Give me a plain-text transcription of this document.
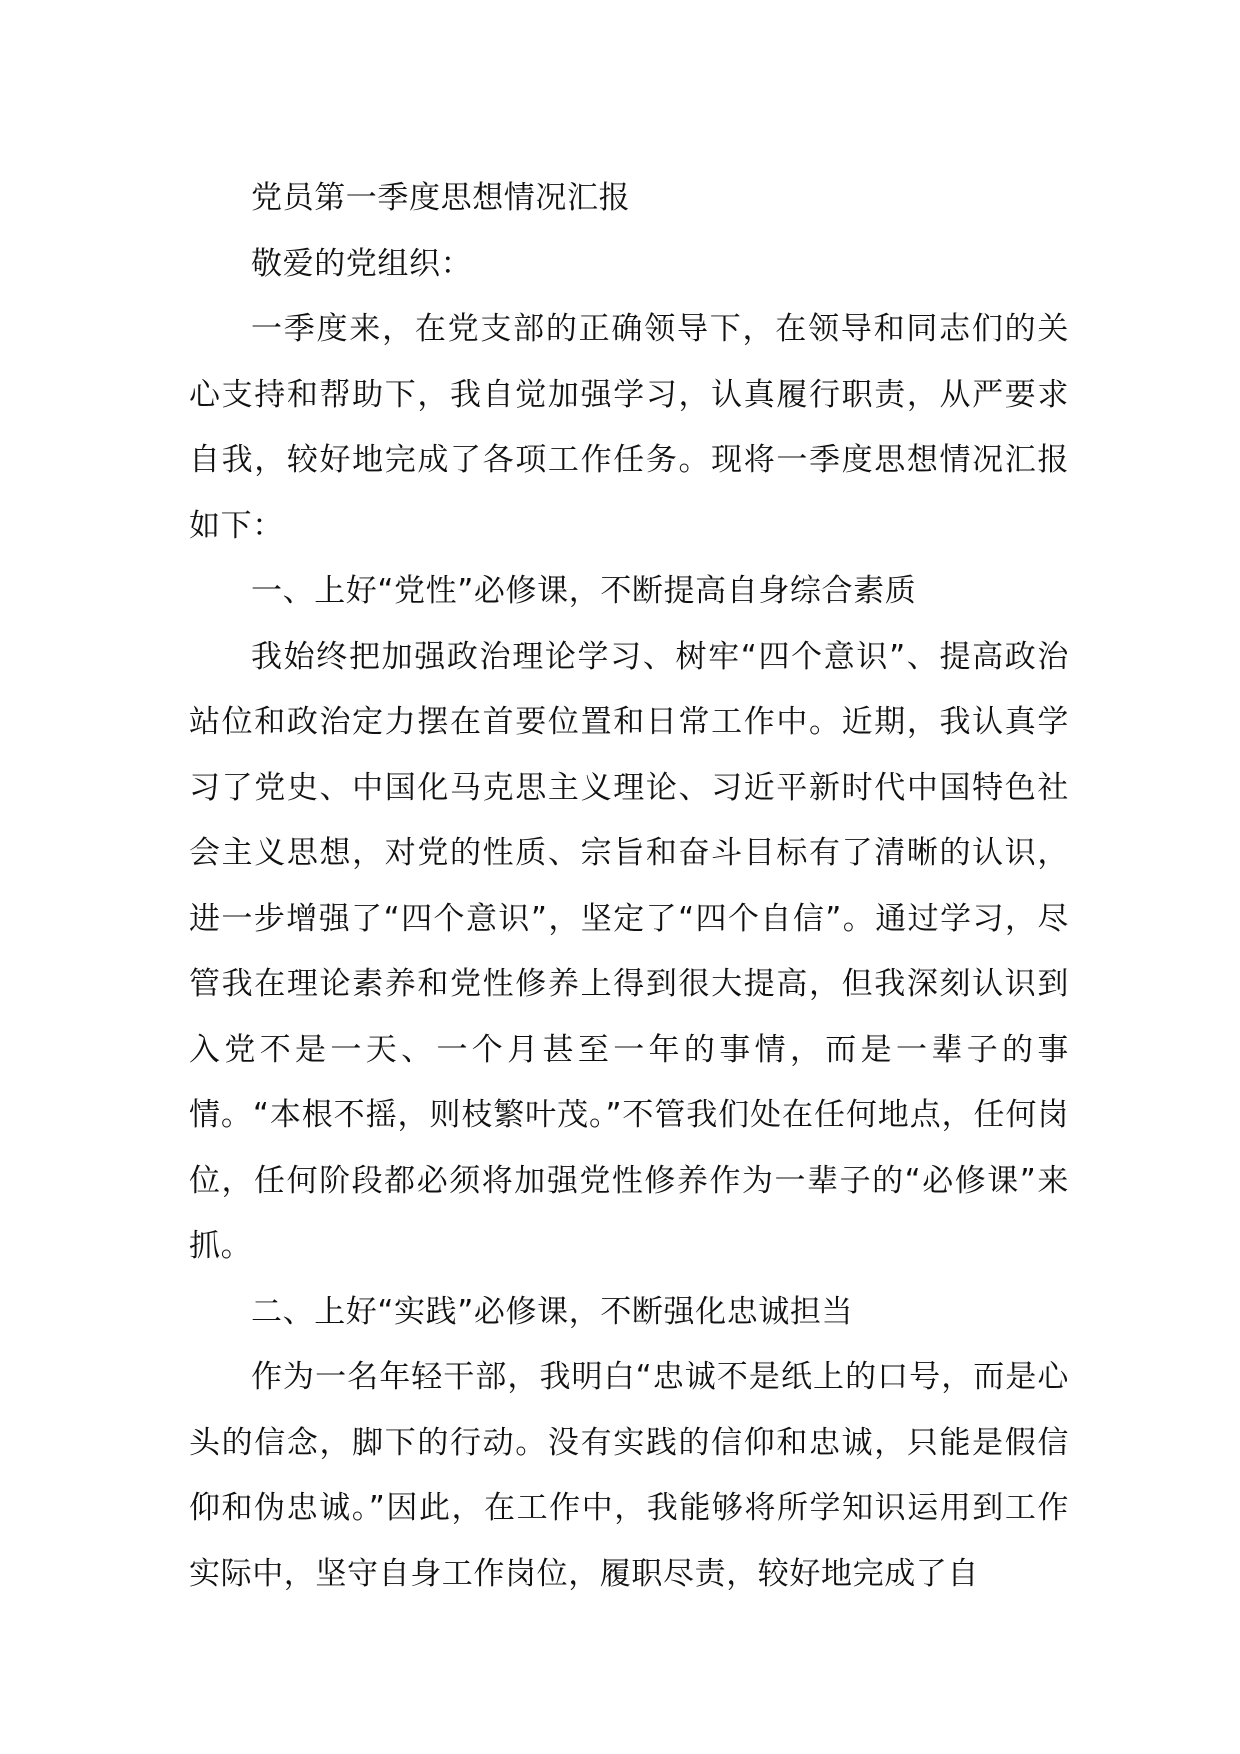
党员第一季度思想情况汇报

敬爱的党组织：

一季度来，在党支部的正确领导下，在领导和同志们的关心支持和帮助下，我自觉加强学习，认真履行职责，从严要求自我，较好地完成了各项工作任务。现将一季度思想情况汇报如下：

一、上好“党性”必修课，不断提高自身综合素质

我始终把加强政治理论学习、树牢“四个意识”、提高政治站位和政治定力摆在首要位置和日常工作中。近期，我认真学习了党史、中国化马克思主义理论、习近平新时代中国特色社会主义思想，对党的性质、宗旨和奋斗目标有了清晰的认识，进一步增强了“四个意识”，坚定了“四个自信”。通过学习，尽管我在理论素养和党性修养上得到很大提高，但我深刻认识到入党不是一天、一个月甚至一年的事情，而是一辈子的事情。“本根不摇，则枝繁叶茂。”不管我们处在任何地点，任何岗位，任何阶段都必须将加强党性修养作为一辈子的“必修课”来抓。

二、上好“实践”必修课，不断强化忠诚担当

作为一名年轻干部，我明白“忠诚不是纸上的口号，而是心头的信念，脚下的行动。没有实践的信仰和忠诚，只能是假信仰和伪忠诚。”因此，在工作中，我能够将所学知识运用到工作实际中，坚守自身工作岗位，履职尽责，较好地完成了自
